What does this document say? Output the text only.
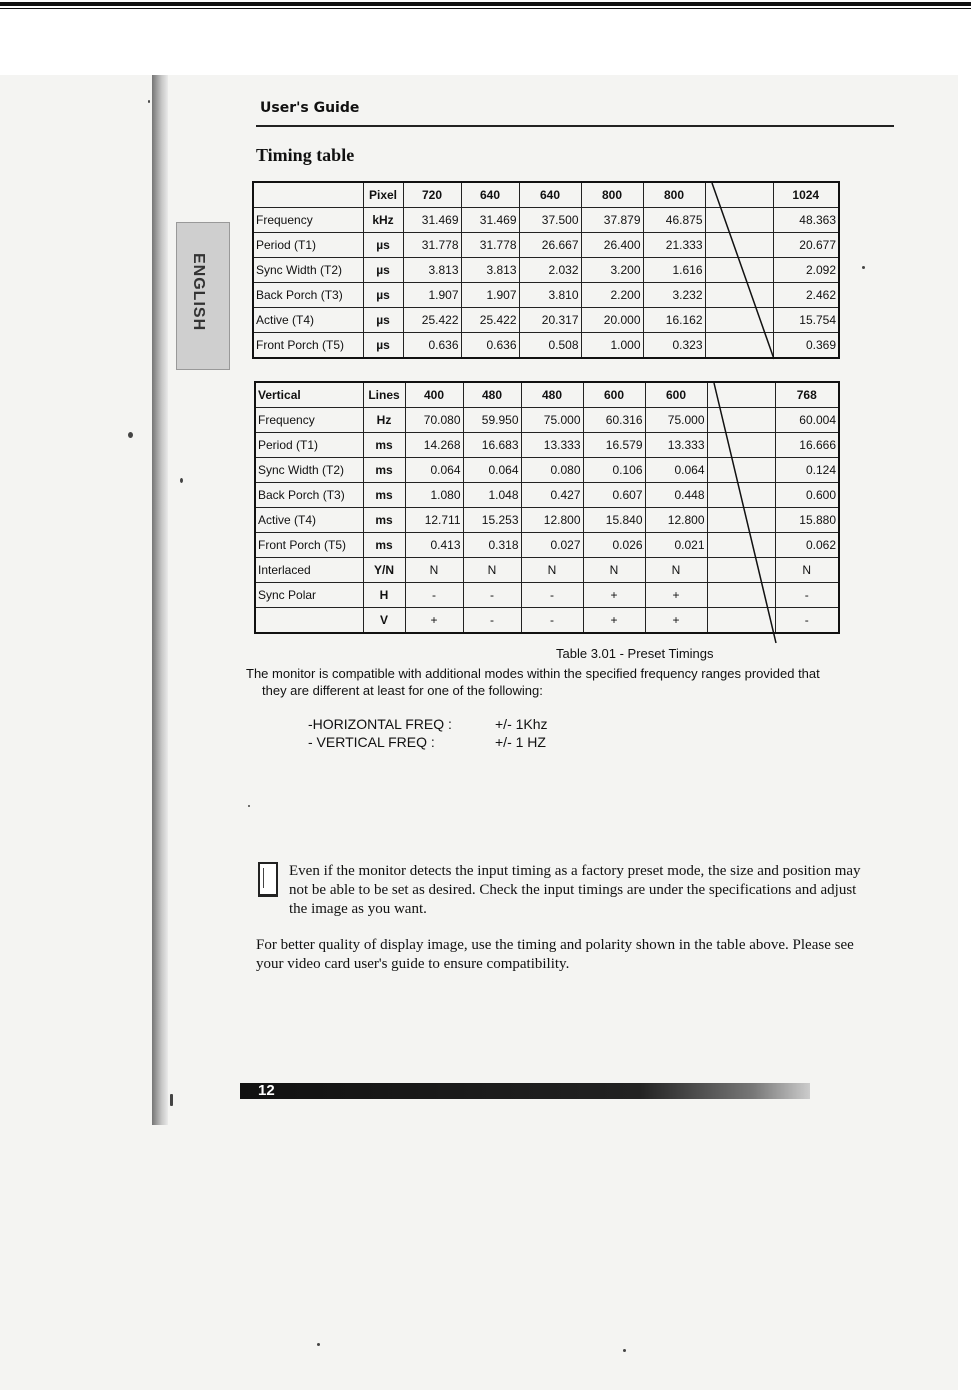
ENGLISH
User's Guide
Timing table
	Pixel	720	640	640	800	800		1024
Frequency	kHz	31.469	31.469	37.500	37.879	46.875		48.363
Period (T1)	µs	31.778	31.778	26.667	26.400	21.333		20.677
Sync Width (T2)	µs	3.813	3.813	2.032	3.200	1.616		2.092
Back Porch (T3)	µs	1.907	1.907	3.810	2.200	3.232		2.462
Active (T4)	µs	25.422	25.422	20.317	20.000	16.162		15.754
Front Porch (T5)	µs	0.636	0.636	0.508	1.000	0.323		0.369
Vertical	Lines	400	480	480	600	600		768
Frequency	Hz	70.080	59.950	75.000	60.316	75.000		60.004
Period (T1)	ms	14.268	16.683	13.333	16.579	13.333		16.666
Sync Width (T2)	ms	0.064	0.064	0.080	0.106	0.064		0.124
Back Porch (T3)	ms	1.080	1.048	0.427	0.607	0.448		0.600
Active (T4)	ms	12.711	15.253	12.800	15.840	12.800		15.880
Front Porch (T5)	ms	0.413	0.318	0.027	0.026	0.021		0.062
Interlaced	Y/N	N	N	N	N	N		N
Sync Polar	H	-	-	-	+	+		-
	V	+	-	-	+	+		-
Table 3.01 - Preset Timings
The monitor is compatible with additional modes within the specified frequency ranges provided that
they are different at least for one of the following:
-HORIZONTAL FREQ :	+/- 1Khz
- VERTICAL FREQ :	+/- 1 HZ
Even if the monitor detects the input timing as a factory preset mode, the size and position may not be able to be set as desired. Check the input timings are under the specifications and adjust the image as you want.
For better quality of display image, use the timing and polarity shown in the table above. Please see your video card user's guide to ensure compatibility.
12
